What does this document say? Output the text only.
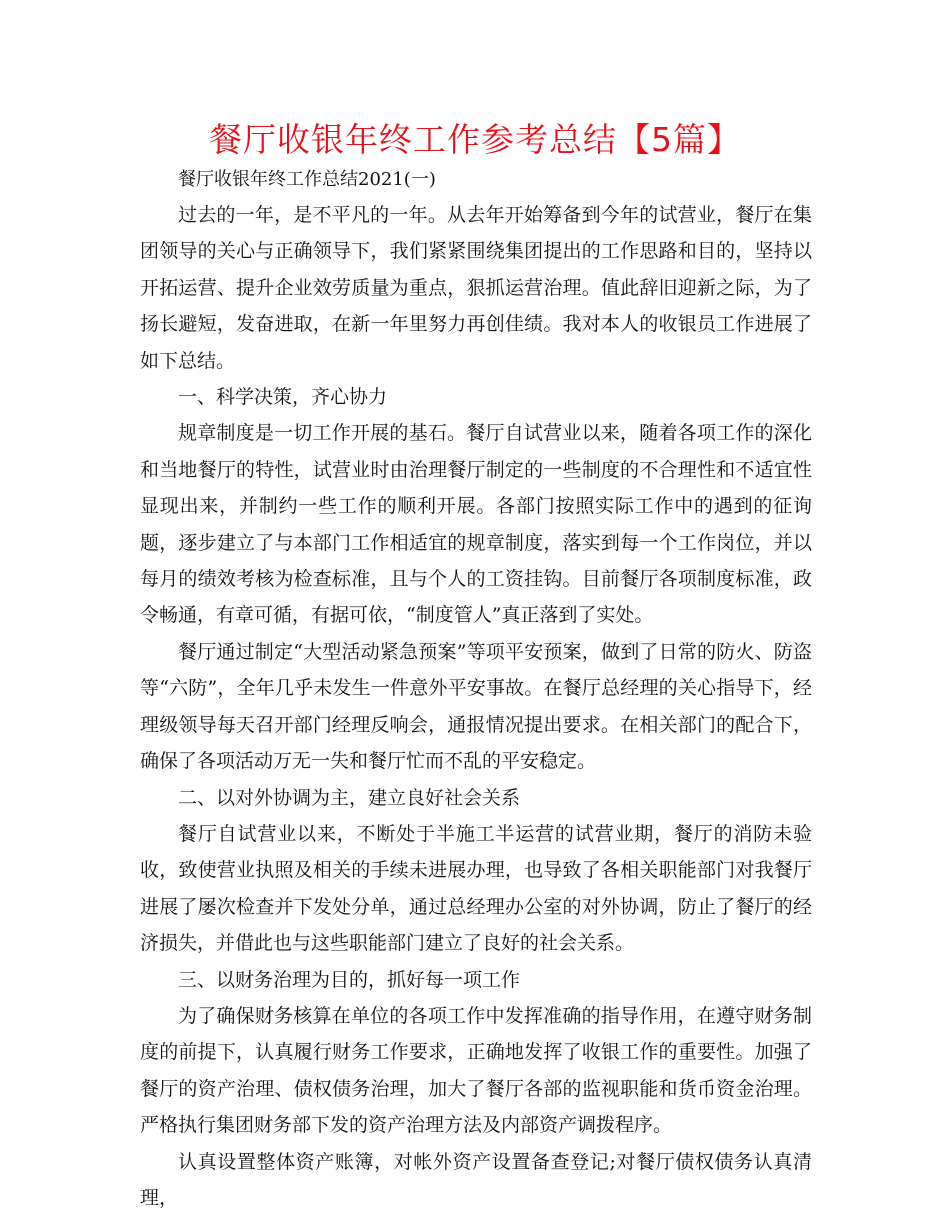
餐厅收银年终工作参考总结【5篇】

餐厅收银年终工作总结2021(一)

过去的一年，是不平凡的一年。从去年开始筹备到今年的试营业，餐厅在集团领导的关心与正确领导下，我们紧紧围绕集团提出的工作思路和目的，坚持以开拓运营、提升企业效劳质量为重点，狠抓运营治理。值此辞旧迎新之际，为了扬长避短，发奋进取，在新一年里努力再创佳绩。我对本人的收银员工作进展了如下总结。

一、科学决策，齐心协力

规章制度是一切工作开展的基石。餐厅自试营业以来，随着各项工作的深化和当地餐厅的特性，试营业时由治理餐厅制定的一些制度的不合理性和不适宜性显现出来，并制约一些工作的顺利开展。各部门按照实际工作中的遇到的征询题，逐步建立了与本部门工作相适宜的规章制度，落实到每一个工作岗位，并以每月的绩效考核为检查标准，且与个人的工资挂钩。目前餐厅各项制度标准，政令畅通，有章可循，有据可依，“制度管人”真正落到了实处。

餐厅通过制定“大型活动紧急预案”等项平安预案，做到了日常的防火、防盗等“六防”，全年几乎未发生一件意外平安事故。在餐厅总经理的关心指导下，经理级领导每天召开部门经理反响会，通报情况提出要求。在相关部门的配合下，确保了各项活动万无一失和餐厅忙而不乱的平安稳定。

二、以对外协调为主，建立良好社会关系

餐厅自试营业以来，不断处于半施工半运营的试营业期，餐厅的消防未验收，致使营业执照及相关的手续未进展办理，也导致了各相关职能部门对我餐厅进展了屡次检查并下发处分单，通过总经理办公室的对外协调，防止了餐厅的经济损失，并借此也与这些职能部门建立了良好的社会关系。

三、以财务治理为目的，抓好每一项工作

为了确保财务核算在单位的各项工作中发挥准确的指导作用，在遵守财务制度的前提下，认真履行财务工作要求，正确地发挥了收银工作的重要性。加强了餐厅的资产治理、债权债务治理，加大了餐厅各部的监视职能和货币资金治理。严格执行集团财务部下发的资产治理方法及内部资产调拨程序。

认真设置整体资产账簿，对帐外资产设置备查登记;对餐厅债权债务认真清理，
